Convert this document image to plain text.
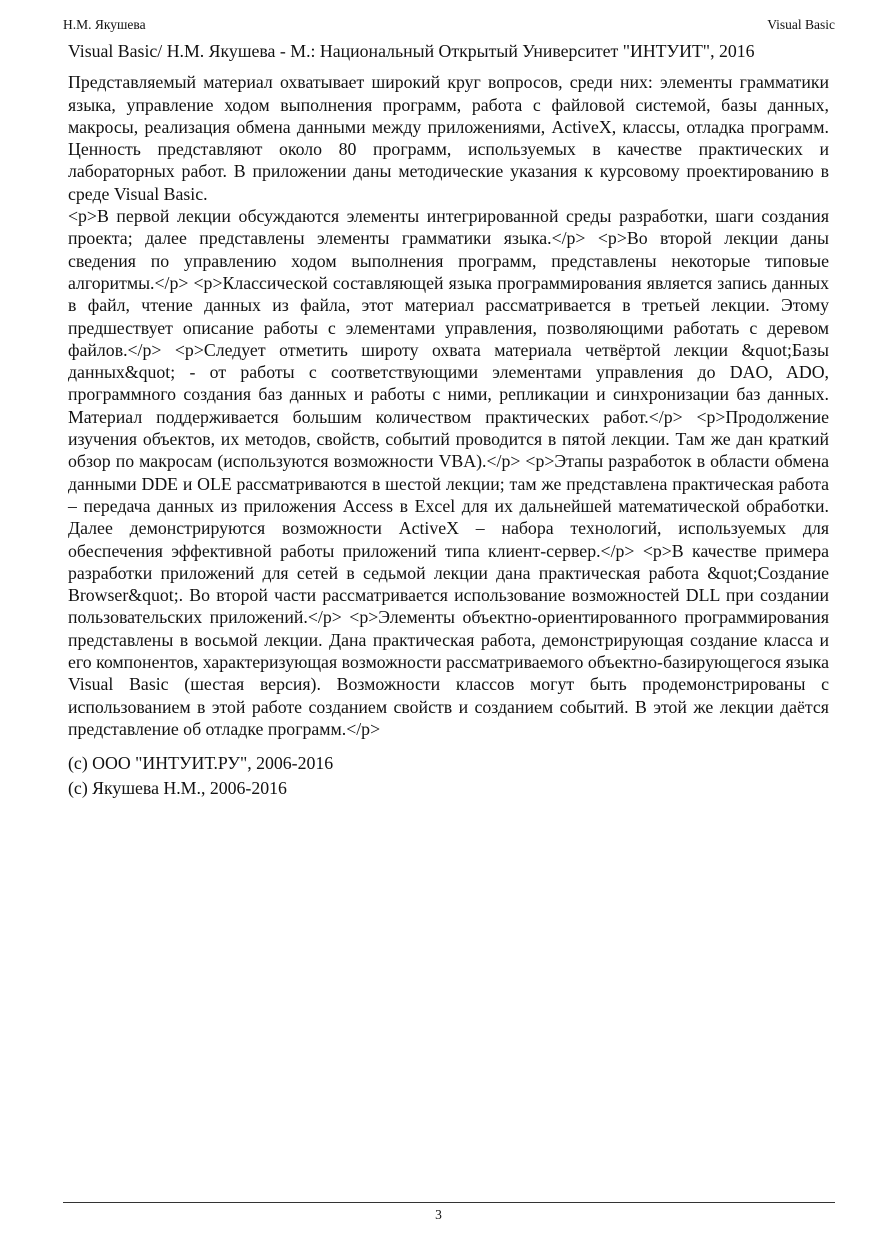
Н.М. Якушева	Visual Basic

Visual Basic/ Н.М. Якушева - М.: Национальный Открытый Университет "ИНТУИТ", 2016

Представляемый материал охватывает широкий круг вопросов, среди них: элементы грамматики языка, управление ходом выполнения программ, работа с файловой системой, базы данных, макросы, реализация обмена данными между приложениями, ActiveX, классы, отладка программ. Ценность представляют около 80 программ, используемых в качестве практических и лабораторных работ. В приложении даны методические указания к курсовому проектированию в среде Visual Basic.

<p>В первой лекции обсуждаются элементы интегрированной среды разработки, шаги создания проекта; далее представлены элементы грамматики языка.</p> <p>Во второй лекции даны сведения по управлению ходом выполнения программ, представлены некоторые типовые алгоритмы.</p> <p>Классической составляющей языка программирования является запись данных в файл, чтение данных из файла, этот материал рассматривается в третьей лекции. Этому предшествует описание работы с элементами управления, позволяющими работать с деревом файлов.</p> <p>Следует отметить широту охвата материала четвёртой лекции &quot;Базы данных&quot; - от работы с соответствующими элементами управления до DAO, ADO, программного создания баз данных и работы с ними, репликации и синхронизации баз данных. Материал поддерживается большим количеством практических работ.</p> <p>Продолжение изучения объектов, их методов, свойств, событий проводится в пятой лекции. Там же дан краткий обзор по макросам (используются возможности VBA).</p> <p>Этапы разработок в области обмена данными DDE и OLE рассматриваются в шестой лекции; там же представлена практическая работа – передача данных из приложения Access в Excel для их дальнейшей математической обработки. Далее демонстрируются возможности ActiveX – набора технологий, используемых для обеспечения эффективной работы приложений типа клиент-сервер.</p> <p>В качестве примера разработки приложений для сетей в седьмой лекции дана практическая работа &quot;Создание Browser&quot;. Во второй части рассматривается использование возможностей DLL при создании пользовательских приложений.</p> <p>Элементы объектно-ориентированного программирования представлены в восьмой лекции. Дана практическая работа, демонстрирующая создание класса и его компонентов, характеризующая возможности рассматриваемого объектно-базирующегося языка Visual Basic (шестая версия). Возможности классов могут быть продемонстрированы с использованием в этой работе созданием свойств и созданием событий. В этой же лекции даётся представление об отладке программ.</p>

(c) ООО "ИНТУИТ.РУ", 2006-2016
(c) Якушева Н.М., 2006-2016
3
